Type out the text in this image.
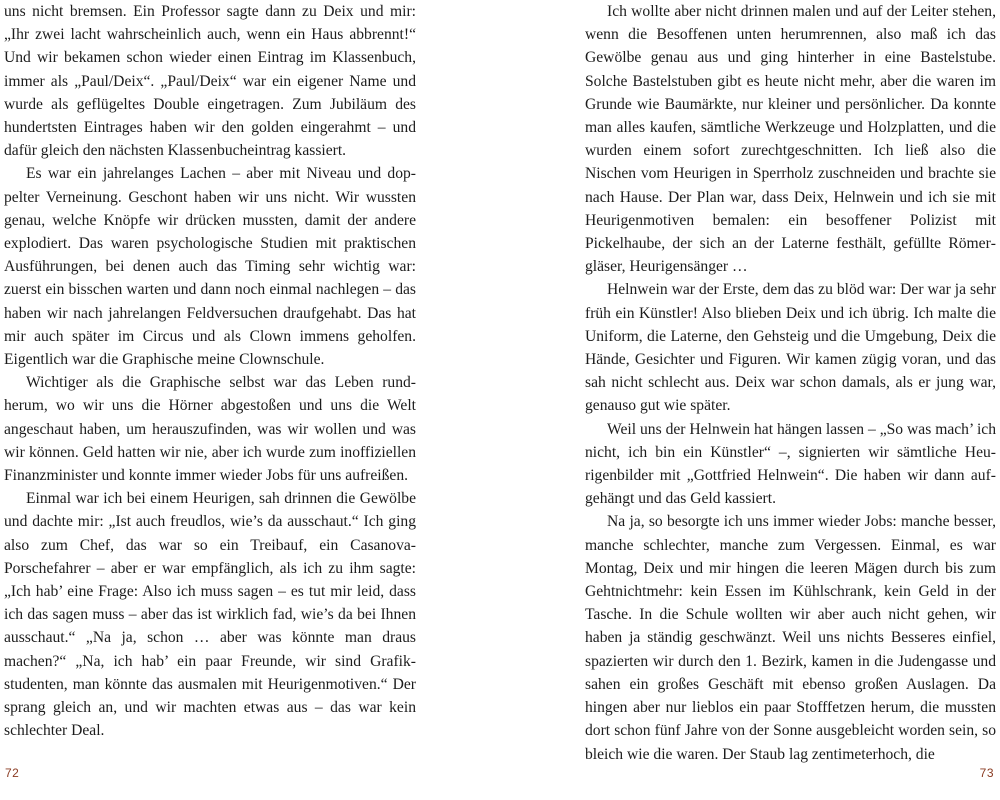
uns nicht bremsen. Ein Professor sagte dann zu Deix und mir: „Ihr zwei lacht wahrscheinlich auch, wenn ein Haus abbrennt!“ Und wir bekamen schon wieder einen Eintrag im Klassenbuch, immer als „Paul/Deix“. „Paul/Deix“ war ein eigener Name und wurde als geflügeltes Double eingetragen. Zum Jubiläum des hundertsten Eintrages haben wir den golden eingerahmt – und dafür gleich den nächsten Klassenbucheintrag kassiert.

Es war ein jahrelanges Lachen – aber mit Niveau und doppelter Verneinung. Geschont haben wir uns nicht. Wir wussten genau, welche Knöpfe wir drücken mussten, damit der andere explodiert. Das waren psychologische Studien mit praktischen Ausführungen, bei denen auch das Timing sehr wichtig war: zuerst ein bisschen warten und dann noch einmal nachlegen – das haben wir nach jahrelangen Feldversuchen draufgehabt. Das hat mir auch später im Circus und als Clown immens geholfen. Eigentlich war die Graphische meine Clownschule.

Wichtiger als die Graphische selbst war das Leben rundherum, wo wir uns die Hörner abgestoßen und uns die Welt angeschaut haben, um herauszufinden, was wir wollen und was wir können. Geld hatten wir nie, aber ich wurde zum inoffiziellen Finanzminister und konnte immer wieder Jobs für uns aufreißen.

Einmal war ich bei einem Heurigen, sah drinnen die Gewölbe und dachte mir: „Ist auch freudlos, wie’s da ausschaut.“ Ich ging also zum Chef, das war so ein Treibauf, ein Casanova-Porschefahrer – aber er war empfänglich, als ich zu ihm sagte: „Ich hab’ eine Frage: Also ich muss sagen – es tut mir leid, dass ich das sagen muss – aber das ist wirklich fad, wie’s da bei Ihnen ausschaut.“ „Na ja, schon … aber was könnte man draus machen?“ „Na, ich hab’ ein paar Freunde, wir sind Grafikstudenten, man könnte das ausmalen mit Heurigenmotiven.“ Der sprang gleich an, und wir machten etwas aus – das war kein schlechter Deal.

72

Ich wollte aber nicht drinnen malen und auf der Leiter stehen, wenn die Besoffenen unten herumrennen, also maß ich das Gewölbe genau aus und ging hinterher in eine Bastelstube. Solche Bastelstuben gibt es heute nicht mehr, aber die waren im Grunde wie Baumärkte, nur kleiner und persönlicher. Da konnte man alles kaufen, sämtliche Werkzeuge und Holzplatten, und die wurden einem sofort zurechtgeschnitten. Ich ließ also die Nischen vom Heurigen in Sperrholz zuschneiden und brachte sie nach Hause. Der Plan war, dass Deix, Helnwein und ich sie mit Heurigenmotiven bemalen: ein besoffener Polizist mit Pickelhaube, der sich an der Laterne festhält, gefüllte Römergläser, Heurigensänger …

Helnwein war der Erste, dem das zu blöd war: Der war ja sehr früh ein Künstler! Also blieben Deix und ich übrig. Ich malte die Uniform, die Laterne, den Gehsteig und die Umgebung, Deix die Hände, Gesichter und Figuren. Wir kamen zügig voran, und das sah nicht schlecht aus. Deix war schon damals, als er jung war, genauso gut wie später.

Weil uns der Helnwein hat hängen lassen – „So was mach’ ich nicht, ich bin ein Künstler“ –, signierten wir sämtliche Heurigenbilder mit „Gottfried Helnwein“. Die haben wir dann aufgehängt und das Geld kassiert.

Na ja, so besorgte ich uns immer wieder Jobs: manche besser, manche schlechter, manche zum Vergessen. Einmal, es war Montag, Deix und mir hingen die leeren Mägen durch bis zum Gehtnichtmehr: kein Essen im Kühlschrank, kein Geld in der Tasche. In die Schule wollten wir aber auch nicht gehen, wir haben ja ständig geschwänzt. Weil uns nichts Besseres einfiel, spazierten wir durch den 1. Bezirk, kamen in die Judengasse und sahen ein großes Geschäft mit ebenso großen Auslagen. Da hingen aber nur lieblos ein paar Stofffetzen herum, die mussten dort schon fünf Jahre von der Sonne ausgebleicht worden sein, so bleich wie die waren. Der Staub lag zentimeterhoch, die

73
